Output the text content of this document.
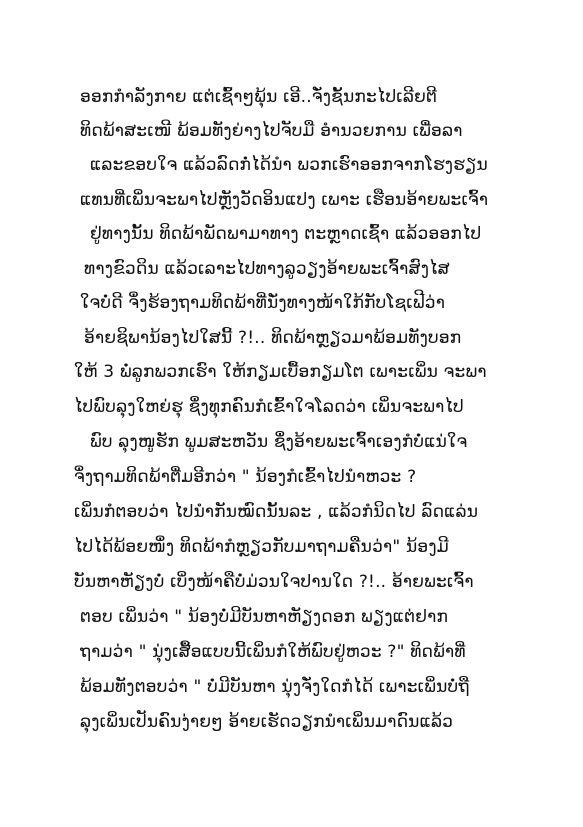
ອອກກຳລັງກາຍ ແຕ່ເຊົ້າໆພຸ້ນ ເອີ..ຈັ່ງຊັ້ນກະໄປເລີຍຕີ
ທິດພ້າສະເໜີ ພ້ອມທັງຍ່າງໄປຈັບມື ອຳນວຍການ ເພື່ອລາ
ແລະຂອບໃຈ ແລ້ວລົດກໍ່ໄດ້ນຳ ພວກເຮົາອອກຈາກໂຮງຮຽນ
ແທນທີ່ເພິ່ນຈະພາໄປຫຼັງວັດອິນແປງ ເພາະ ເຮືອນອ້າຍພະເຈົ້າ
ຢູ່ທາງນັ້ນ ທິດພ້າພັດພາມາທາງ ຕະຫຼາດເຊົ້າ ແລ້ວອອກໄປ
ທາງຂົວດິນ ແລ້ວເລາະໄປທາງລູວຽງອ້າຍພະເຈົ້າສົງໄສ
ໃຈບໍ່ດີ ຈຶ່ງຮ້ອງຖາມທິດພ້າທີ່ນັ່ງທາງໜ້າໃກ້ກັບໂຊເຟີວ່າ
ອ້າຍຊິພານ້ອງໄປໃສນີ້ ?!.. ທິດພ້າຫຼຽວມາພ້ອມທັງບອກ
ໃຫ້ 3 ພໍ່ລູກພວກເຮົາ ໃຫ້ກຽມເບື້ອກຽມໂຕ ເພາະເພິ່ນ ຈະພາ
ໄປພົບລຸງໃຫຍ່ຮຸ ຊຶ່ງທຸກຄົນກໍເຂົ້າໃຈໂລດວ່າ ເພິ່ນຈະພາໄປ
ພົບ ລຸງໜູຮັກ ພູມສະຫວັນ ຊຶ່ງອ້າຍພະເຈົ້າເອງກໍບໍ່ແນ່ໃຈ
ຈຶ່ງຖາມທິດພ້າຕື່ມອີກວ່າ " ນ້ອງກໍເຂົ້າໄປນຳຫວະ ?
ເພິ່ນກໍຕອບວ່າ ໄປນຳກັນໝົດນັ້ນລະ , ແລ້ວກໍນິດໄປ ລົດແລ່ນ
ໄປໄດ້ພ້ອຍໜຶ່ງ ທິດພ້າກໍຫຼຽວກັບມາຖາມຄືນວ່າ" ນ້ອງມີ
ບັນຫາຫັຽງບໍ່ ເບິ່ງໜ້າຄືບໍ່ມ່ວນໃຈປານໃດ ?!.. ອ້າຍພະເຈົ້າ
ຕອບ ເພິ່ນວ່າ " ນ້ອງບໍ່ມີບັນຫາຫັຽງດອກ ພຽງແຕ່ຢາກ
ຖາມວ່າ " ນຸ່ງເສື້ອແບບນີ້ເພິ່ນກໍໃຫ້ພົບຢູ່ຫວະ ?" ທິດພ້າທີ່
ພ້ອມທັງຕອບວ່າ " ບໍ່ມີບັນຫາ ນຸ່ງຈັ່ງໃດກໍໄດ້ ເພາະເພິ່ນບໍ່ຖື
ລຸງເພິ່ນເປັນຄົນງ່າຍໆ ອ້າຍເຮັດວຽກນຳເພິ່ນມາດົນແລ້ວ
